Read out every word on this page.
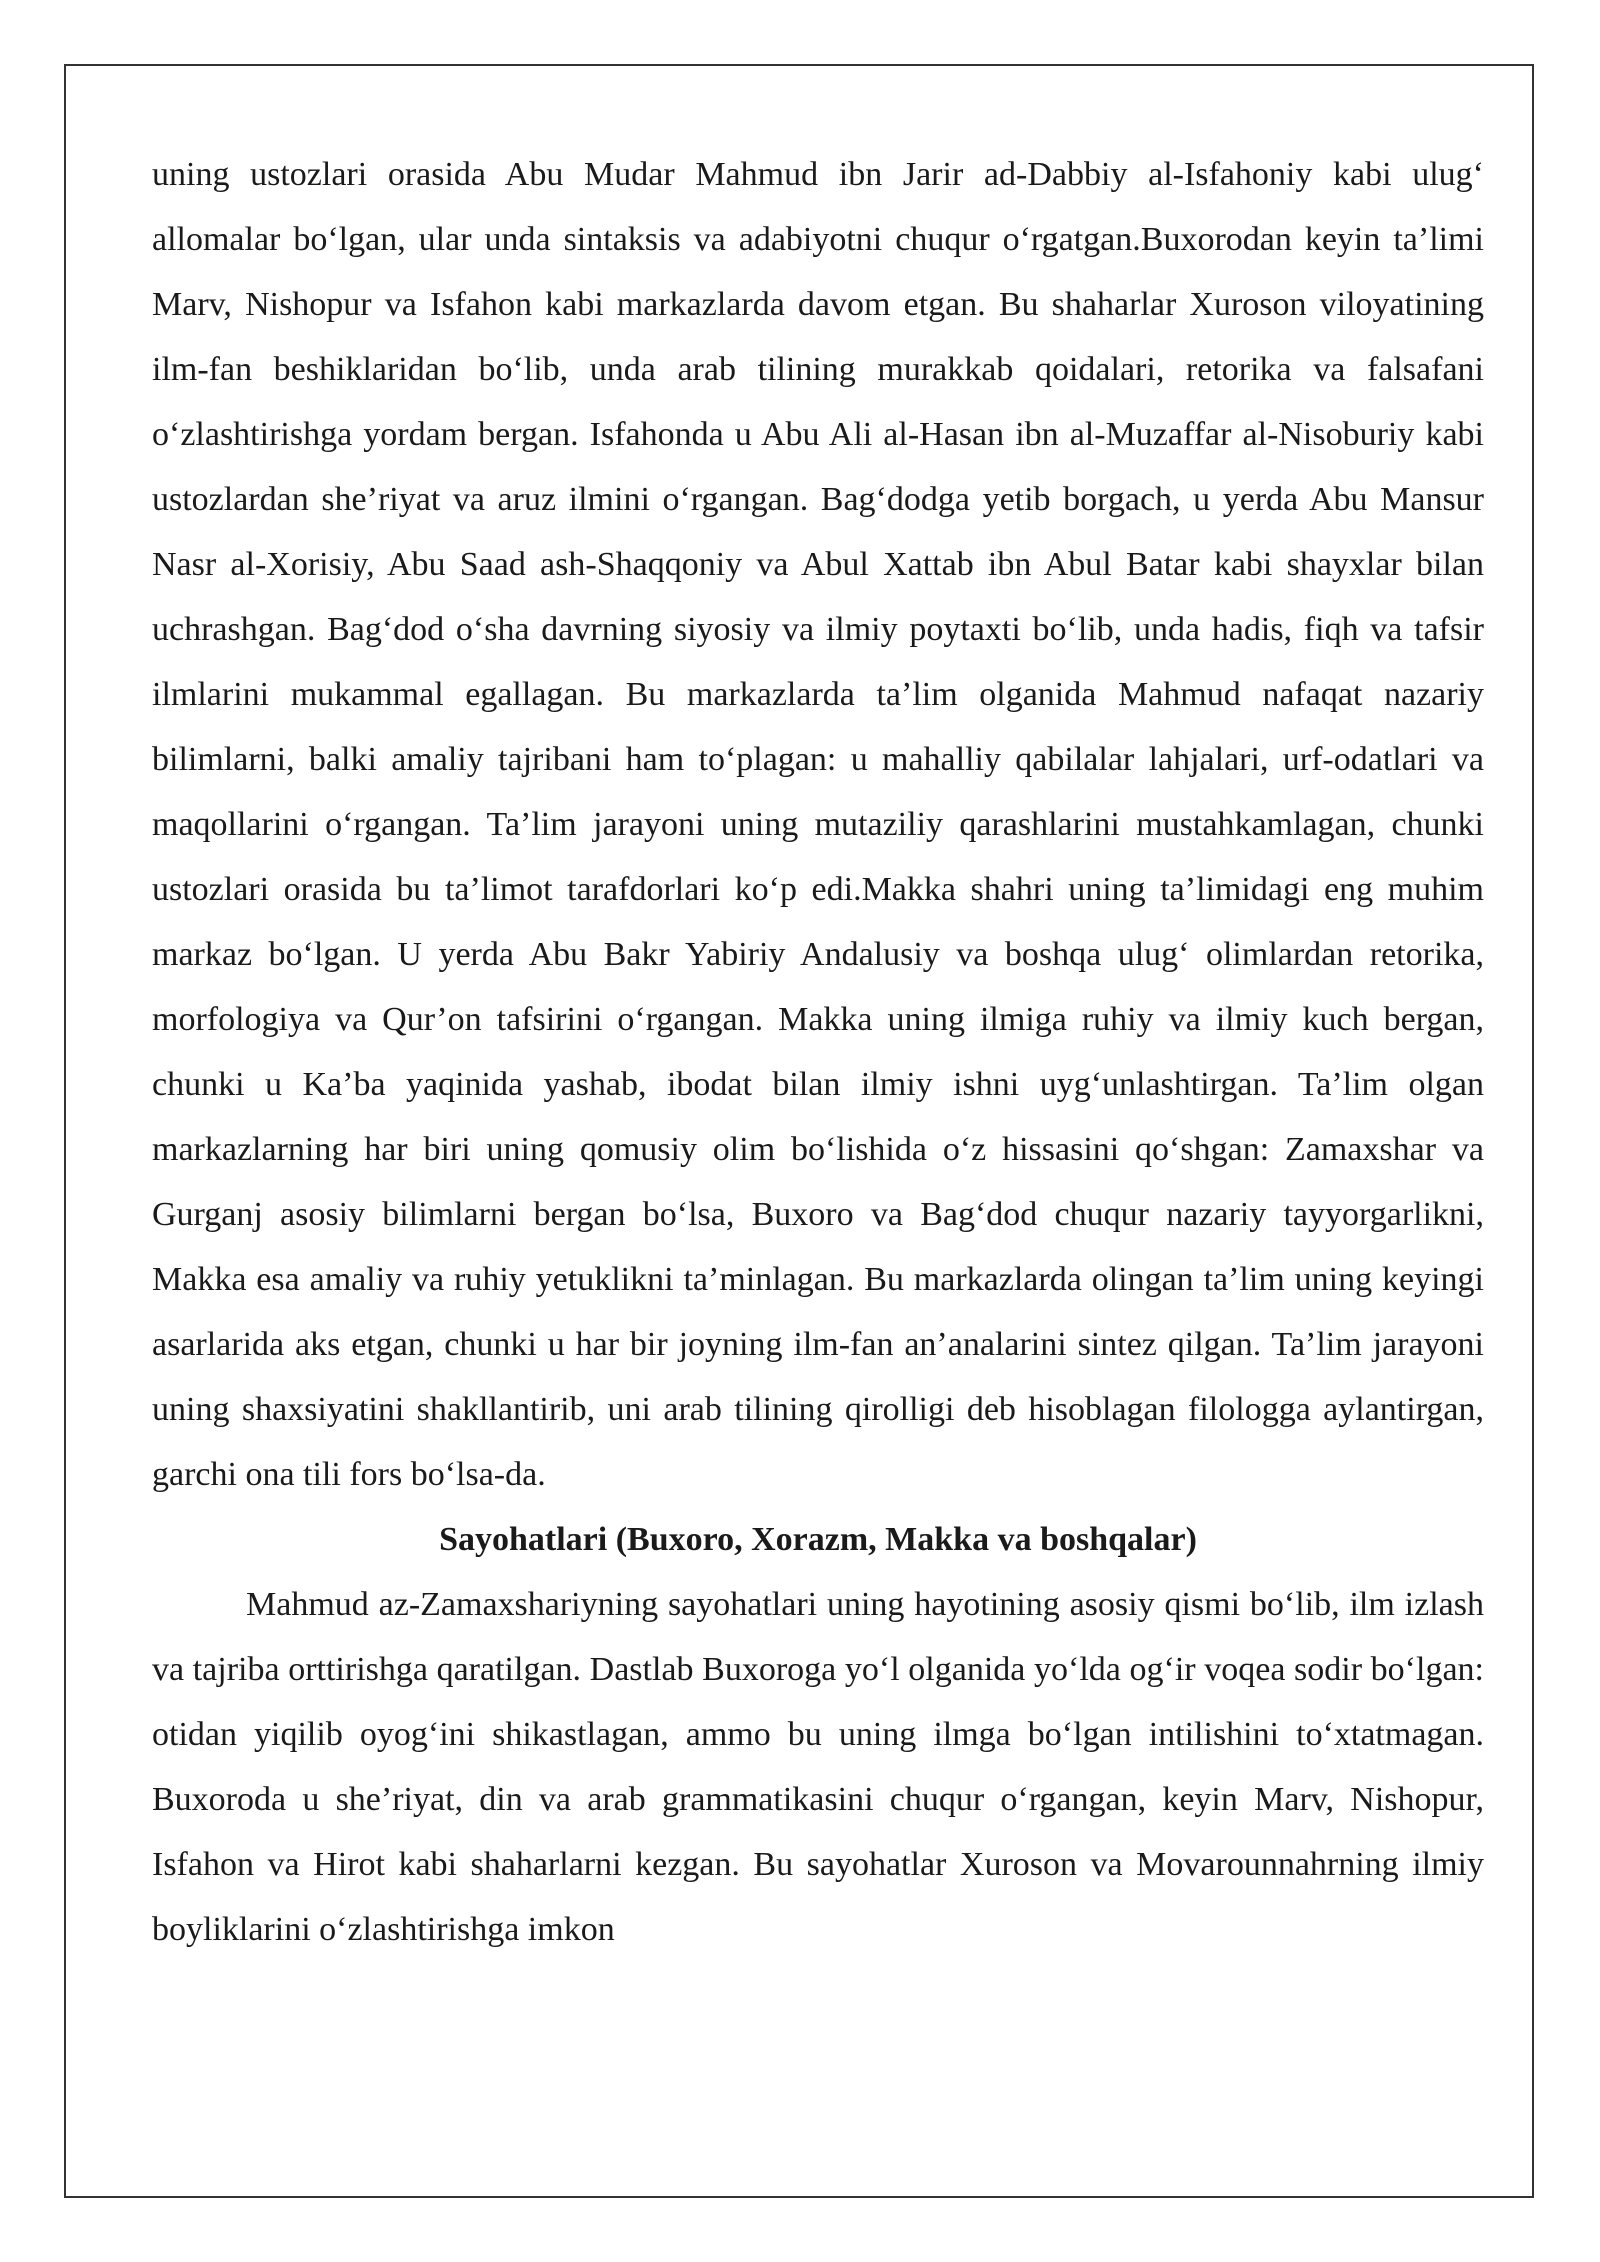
uning ustozlari orasida Abu Mudar Mahmud ibn Jarir ad-Dabbiy al-Isfahoniy kabi ulug‘ allomalar bo‘lgan, ular unda sintaksis va adabiyotni chuqur o‘rgatgan.Buxorodan keyin ta’limi Marv, Nishopur va Isfahon kabi markazlarda davom etgan. Bu shaharlar Xuroson viloyatining ilm-fan beshiklaridan bo‘lib, unda arab tilining murakkab qoidalari, retorika va falsafani o‘zlashtirishga yordam bergan. Isfahonda u Abu Ali al-Hasan ibn al-Muzaffar al-Nisoburiy kabi ustozlardan she’riyat va aruz ilmini o‘rgangan. Bag‘dodga yetib borgach, u yerda Abu Mansur Nasr al-Xorisiy, Abu Saad ash-Shaqqoniy va Abul Xattab ibn Abul Batar kabi shayxlar bilan uchrashgan. Bag‘dod o‘sha davrning siyosiy va ilmiy poytaxti bo‘lib, unda hadis, fiqh va tafsir ilmlarini mukammal egallagan. Bu markazlarda ta’lim olganida Mahmud nafaqat nazariy bilimlarni, balki amaliy tajribani ham to‘plagan: u mahalliy qabilalar lahjalari, urf-odatlari va maqollarini o‘rgangan. Ta’lim jarayoni uning mutaziliy qarashlarini mustahkamlagan, chunki ustozlari orasida bu ta’limot tarafdorlari ko‘p edi.Makka shahri uning ta’limidagi eng muhim markaz bo‘lgan. U yerda Abu Bakr Yabiriy Andalusiy va boshqa ulug‘ olimlardan retorika, morfologiya va Qur’on tafsirini o‘rgangan. Makka uning ilmiga ruhiy va ilmiy kuch bergan, chunki u Ka’ba yaqinida yashab, ibodat bilan ilmiy ishni uyg‘unlashtirgan. Ta’lim olgan markazlarning har biri uning qomusiy olim bo‘lishida o‘z hissasini qo‘shgan: Zamaxshar va Gurganj asosiy bilimlarni bergan bo‘lsa, Buxoro va Bag‘dod chuqur nazariy tayyorgarlikni, Makka esa amaliy va ruhiy yetuklikni ta’minlagan. Bu markazlarda olingan ta’lim uning keyingi asarlarida aks etgan, chunki u har bir joyning ilm-fan an’analarini sintez qilgan. Ta’lim jarayoni uning shaxsiyatini shakllantirib, uni arab tilining qirolligi deb hisoblagan filologga aylantirgan, garchi ona tili fors bo‘lsa-da.

Sayohatlari (Buxoro, Xorazm, Makka va boshqalar)

Mahmud az-Zamaxshariyning sayohatlari uning hayotining asosiy qismi bo‘lib, ilm izlash va tajriba orttirishga qaratilgan. Dastlab Buxoroga yo‘l olganida yo‘lda og‘ir voqea sodir bo‘lgan: otidan yiqilib oyog‘ini shikastlagan, ammo bu uning ilmga bo‘lgan intilishini to‘xtatmagan. Buxoroda u she’riyat, din va arab grammatikasini chuqur o‘rgangan, keyin Marv, Nishopur, Isfahon va Hirot kabi shaharlarni kezgan. Bu sayohatlar Xuroson va Movarounnahrning ilmiy boyliklarini o‘zlashtirishga imkon
